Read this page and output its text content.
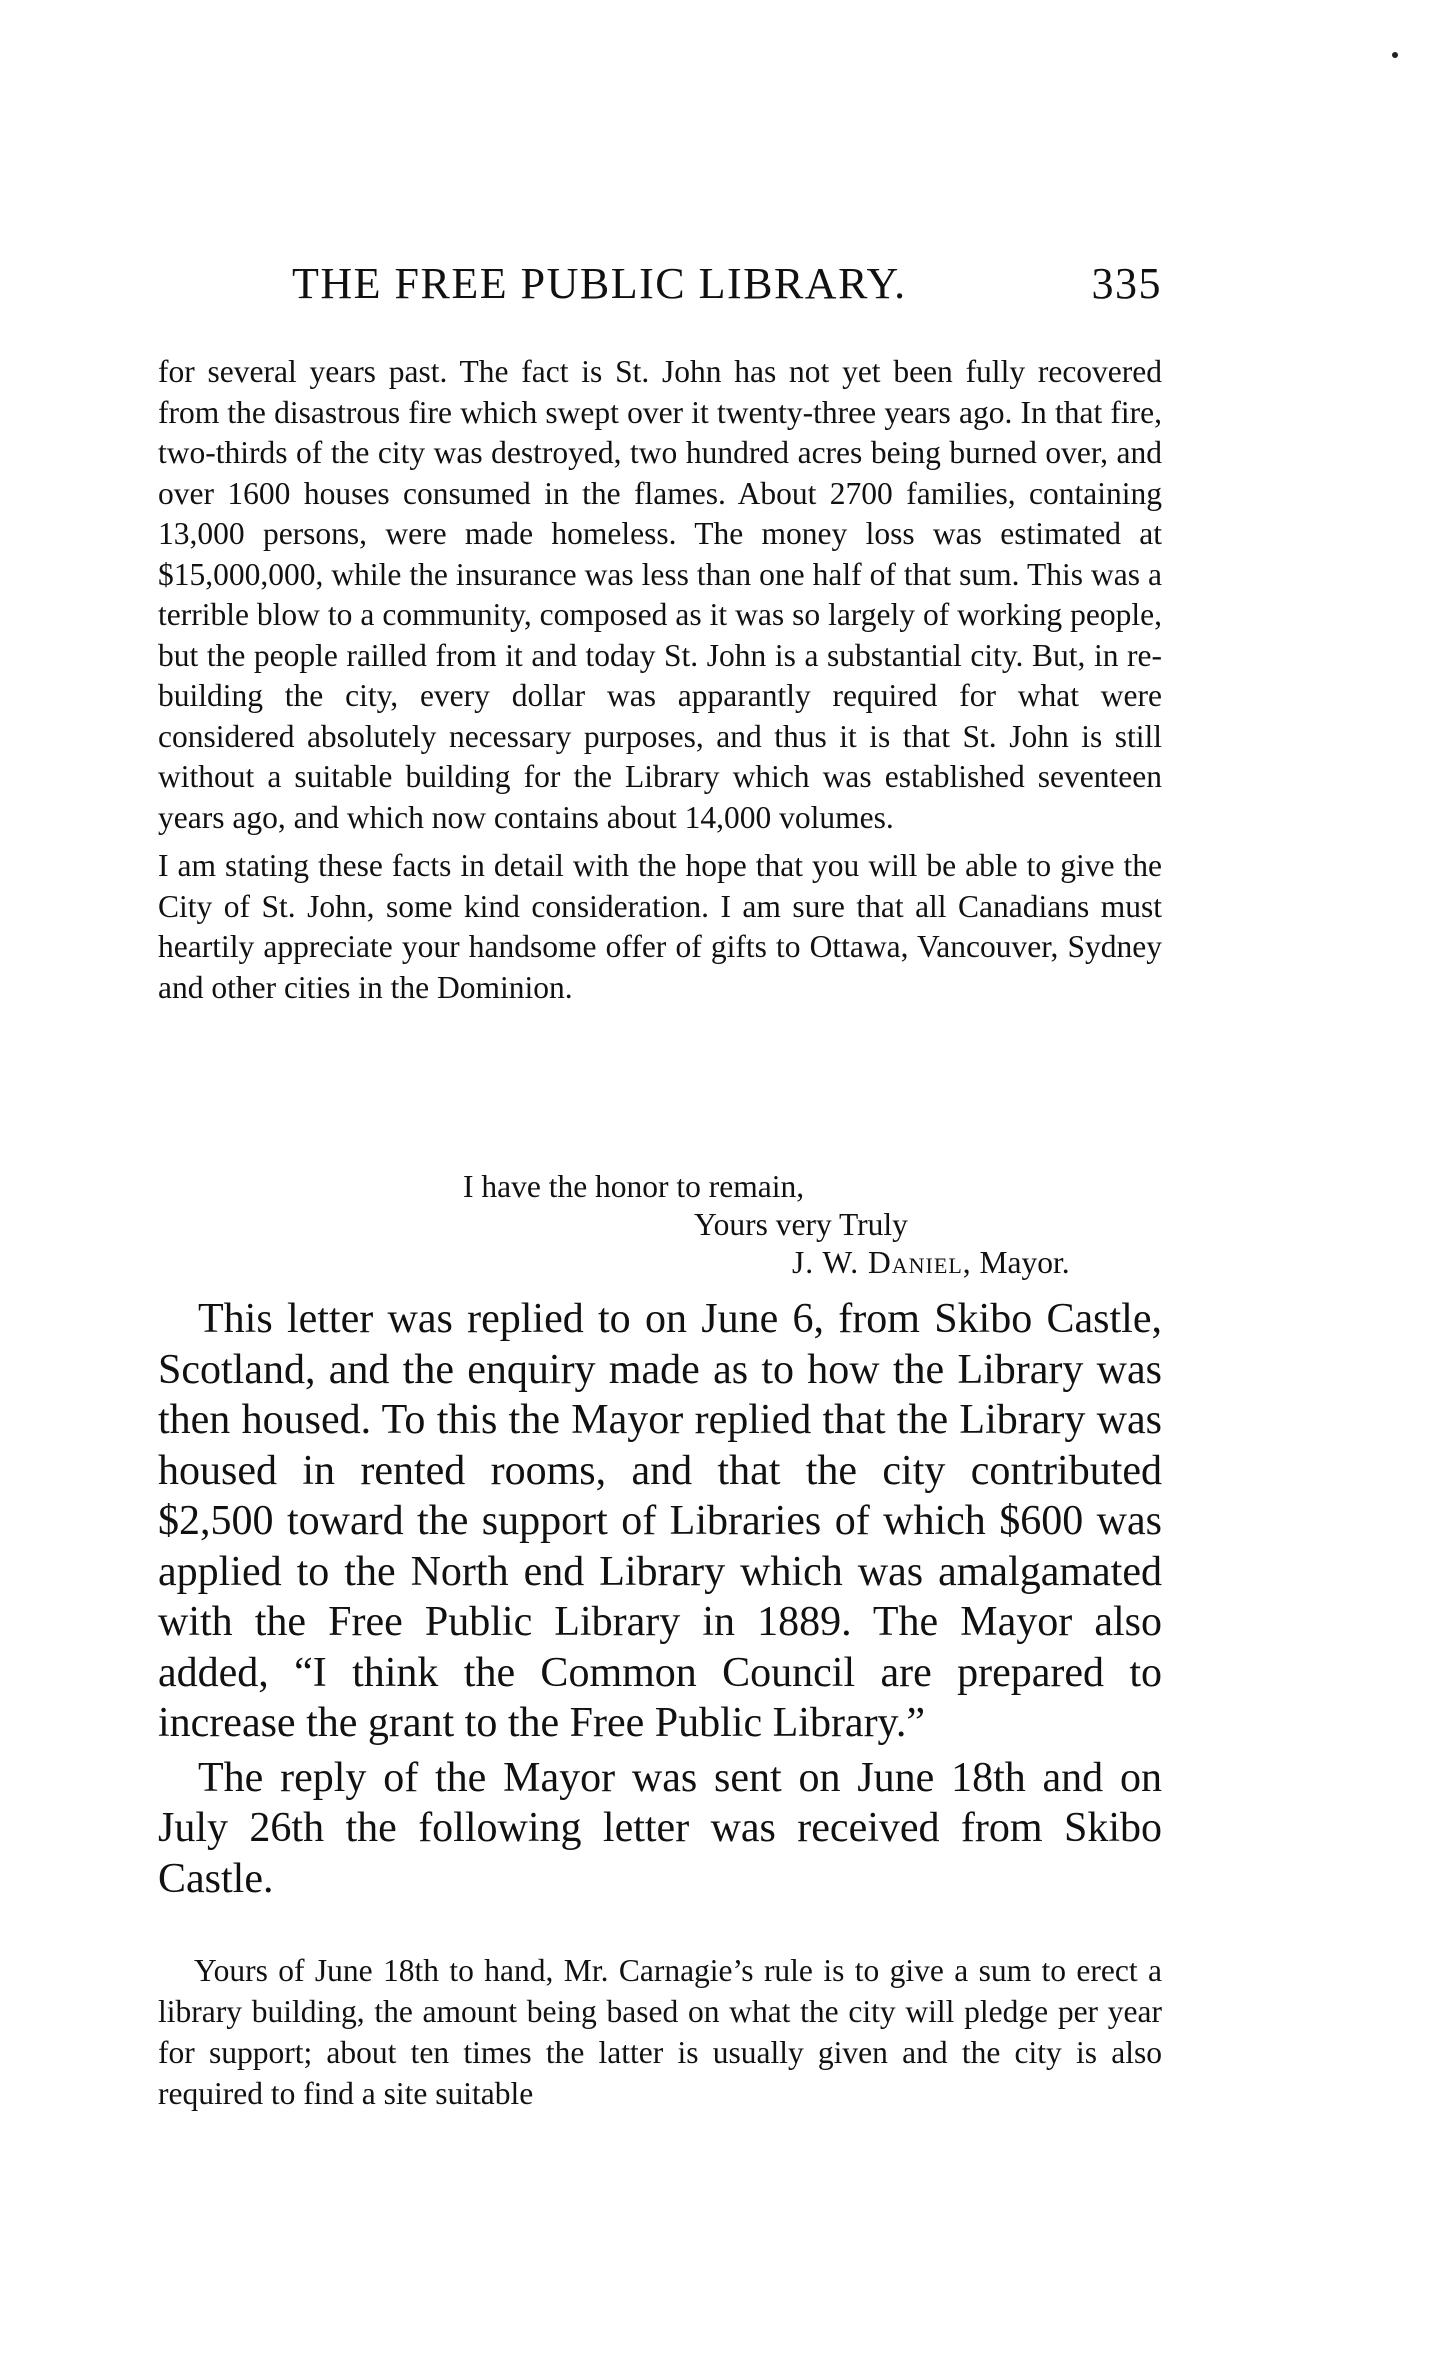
THE FREE PUBLIC LIBRARY.	335

for several years past. The fact is St. John has not yet been fully recovered from the disastrous fire which swept over it twenty-three years ago. In that fire, two-thirds of the city was destroyed, two hundred acres being burned over, and over 1600 houses consumed in the flames. About 2700 families, containing 13,000 persons, were made homeless. The money loss was estimated at $15,000,000, while the insurance was less than one half of that sum. This was a terrible blow to a community, composed as it was so largely of working people, but the people railled from it and today St. John is a substantial city. But, in re-building the city, every dollar was apparantly required for what were considered absolutely necessary purposes, and thus it is that St. John is still without a suitable building for the Library which was established seventeen years ago, and which now contains about 14,000 volumes.

I am stating these facts in detail with the hope that you will be able to give the City of St. John, some kind consideration. I am sure that all Canadians must heartily appreciate your handsome offer of gifts to Ottawa, Vancouver, Sydney and other cities in the Dominion.

I have the honor to remain,
Yours very Truly
J. W. Daniel, Mayor.

This letter was replied to on June 6, from Skibo Castle, Scotland, and the enquiry made as to how the Library was then housed. To this the Mayor replied that the Library was housed in rented rooms, and that the city contributed $2,500 toward the support of Libraries of which $600 was applied to the North end Library which was amalgamated with the Free Public Library in 1889. The Mayor also added, “I think the Common Council are prepared to increase the grant to the Free Public Library.”

The reply of the Mayor was sent on June 18th and on July 26th the following letter was received from Skibo Castle.

Yours of June 18th to hand, Mr. Carnagie’s rule is to give a sum to erect a library building, the amount being based on what the city will pledge per year for support; about ten times the latter is usually given and the city is also required to find a site suitable
